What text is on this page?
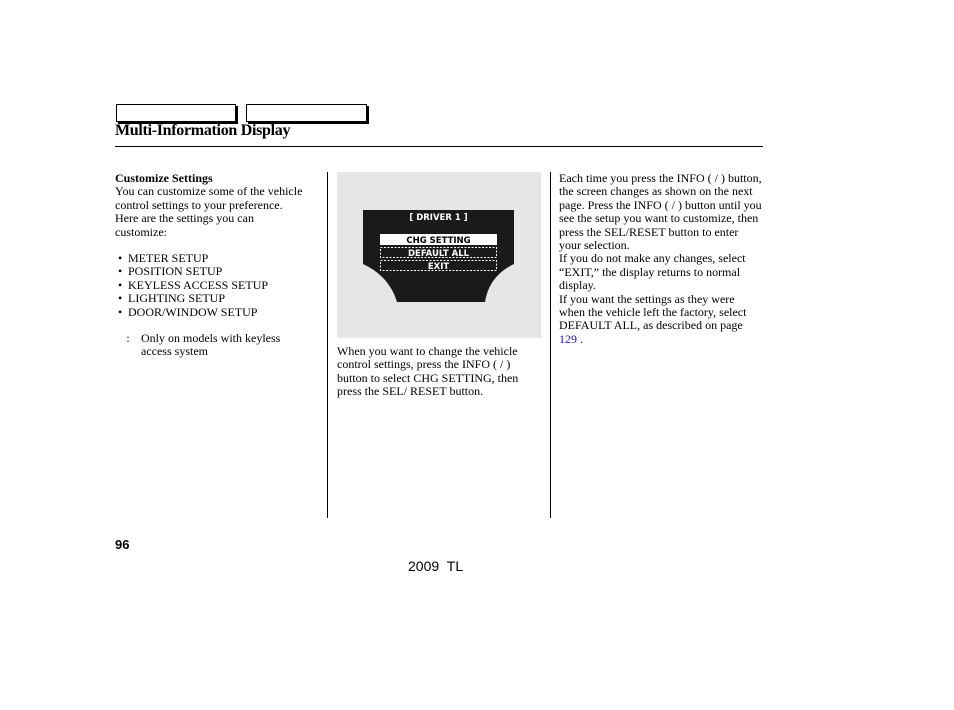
Multi-Information Display

Customize Settings

You can customize some of the vehicle control settings to your preference. Here are the settings you can customize:

• METER SETUP
• POSITION SETUP
• KEYLESS ACCESS SETUP
• LIGHTING SETUP
• DOOR/WINDOW SETUP
: Only on models with keyless access system
[ DRIVER 1 ]
CHG SETTING
DEFAULT ALL
EXIT

When you want to change the vehicle control settings, press the INFO ( / ) button to select CHG SETTING, then press the SEL/ RESET button.

Each time you press the INFO ( / ) button, the screen changes as shown on the next page. Press the INFO ( / ) button until you see the setup you want to customize, then press the SEL/RESET button to enter your selection.

If you do not make any changes, select “EXIT,” the display returns to normal display.

If you want the settings as they were when the vehicle left the factory, select DEFAULT ALL, as described on page 129 .

96
2009 TL
